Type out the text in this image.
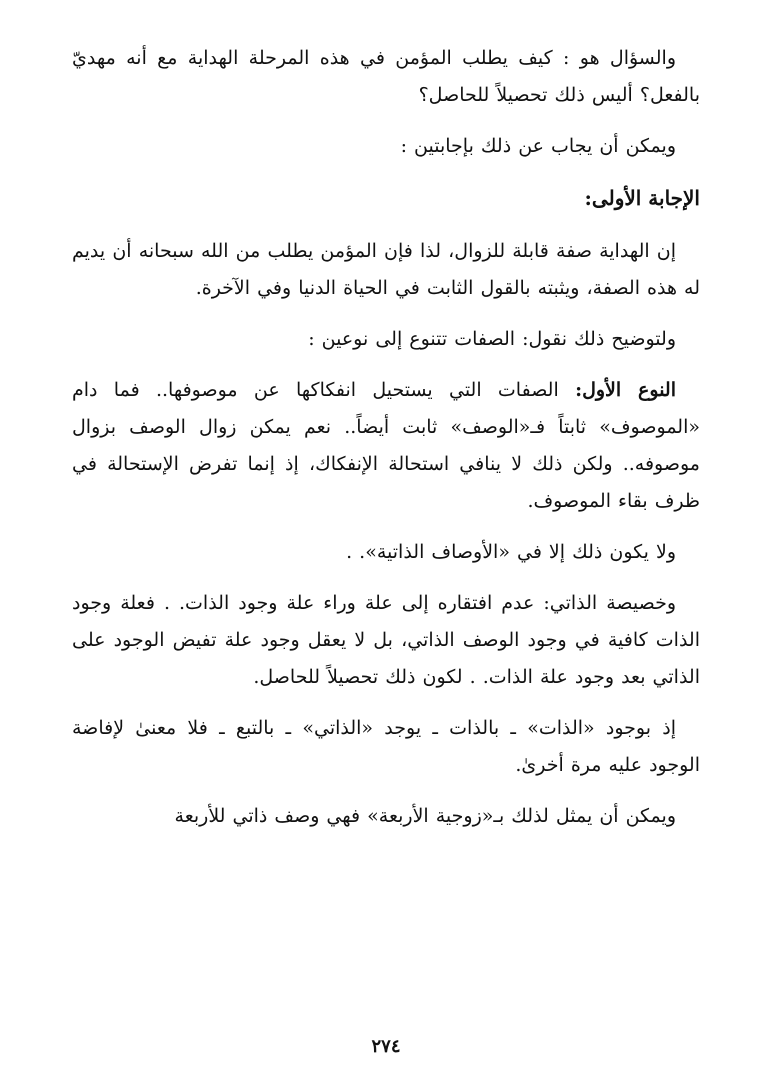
والسؤال هو : كيف يطلب المؤمن في هذه المرحلة الهداية مع أنه مهديّ بالفعل؟ أليس ذلك تحصيلاً للحاصل؟

ويمكن أن يجاب عن ذلك بإجابتين :

الإجابة الأولى:

إن الهداية صفة قابلة للزوال، لذا فإن المؤمن يطلب من الله سبحانه أن يديم له هذه الصفة، ويثبته بالقول الثابت في الحياة الدنيا وفي الآخرة.

ولتوضيح ذلك نقول: الصفات تتنوع إلى نوعين :

النوع الأول: الصفات التي يستحيل انفكاكها عن موصوفها.. فما دام «الموصوف» ثابتاً فـ«الوصف» ثابت أيضاً.. نعم يمكن زوال الوصف بزوال موصوفه.. ولكن ذلك لا ينافي استحالة الإنفكاك، إذ إنما تفرض الإستحالة في ظرف بقاء الموصوف.

ولا يكون ذلك إلا في «الأوصاف الذاتية». .

وخصيصة الذاتي: عدم افتقاره إلى علة وراء علة وجود الذات. . فعلة وجود الذات كافية في وجود الوصف الذاتي، بل لا يعقل وجود علة تفيض الوجود على الذاتي بعد وجود علة الذات. . لكون ذلك تحصيلاً للحاصل.

إذ بوجود «الذات» ـ بالذات ـ يوجد «الذاتي» ـ بالتبع ـ فلا معنىٰ لإفاضة الوجود عليه مرة أخرىٰ.

ويمكن أن يمثل لذلك بـ«زوجية الأربعة» فهي وصف ذاتي للأربعة

٢٧٤
